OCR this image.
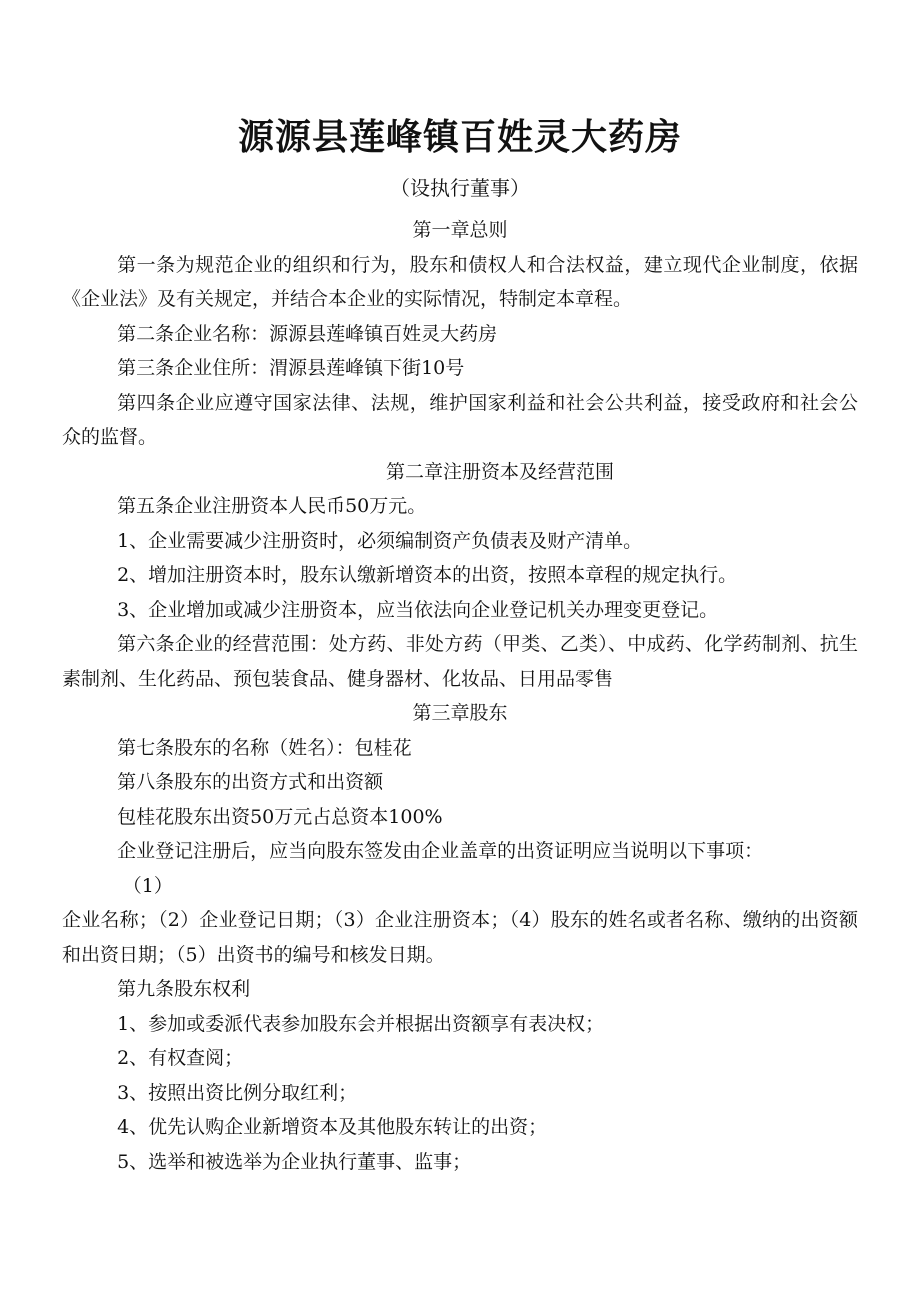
源源县莲峰镇百姓灵大药房
（设执行董事）

第一章总则

第一条为规范企业的组织和行为，股东和债权人和合法权益，建立现代企业制度，依据《企业法》及有关规定，并结合本企业的实际情况，特制定本章程。

第二条企业名称：源源县莲峰镇百姓灵大药房

第三条企业住所：渭源县莲峰镇下街10号

第四条企业应遵守国家法律、法规，维护国家利益和社会公共利益，接受政府和社会公众的监督。

第二章注册资本及经营范围

第五条企业注册资本人民币50万元。

1、企业需要减少注册资时，必须编制资产负债表及财产清单。

2、增加注册资本时，股东认缴新增资本的出资，按照本章程的规定执行。

3、企业增加或减少注册资本，应当依法向企业登记机关办理变更登记。

第六条企业的经营范围：处方药、非处方药（甲类、乙类）、中成药、化学药制剂、抗生素制剂、生化药品、预包装食品、健身器材、化妆品、日用品零售

第三章股东

第七条股东的名称（姓名）：包桂花

第八条股东的出资方式和出资额

包桂花股东出资50万元占总资本100%

企业登记注册后，应当向股东签发由企业盖章的出资证明应当说明以下事项：

（1）

企业名称；（2）企业登记日期；（3）企业注册资本；（4）股东的姓名或者名称、缴纳的出资额和出资日期；（5）出资书的编号和核发日期。

第九条股东权利

1、参加或委派代表参加股东会并根据出资额享有表决权；

2、有权查阅；

3、按照出资比例分取红利；

4、优先认购企业新增资本及其他股东转让的出资；

5、选举和被选举为企业执行董事、监事；
